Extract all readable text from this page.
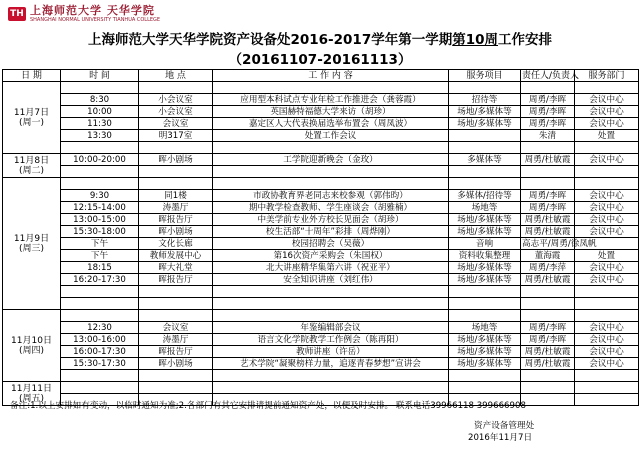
TH 上海师范大学 天华学院
SHANGHAI NORMAL UNIVERSITY TIANHUA COLLEGE
上海师范大学天华学院资产设备处2016-2017学年第一学期第10周工作安排
（20161107-20161113）
日 期	时 间	地 点	工 作 内 容	服务项目	责任人/负责人	服务部门

11月7日
(周一)						

	8:30	小会议室	应用型本科试点专业年检工作推进会（龚蓉霞）	招待等	周勇/李晖	会议中心
	10:00	小会议室	英国赫特福德大学来访（胡珍）	场地/多媒体等	周勇/李晖	会议中心
	11:30	会议室	嘉定区人大代表换届选举布置会（周凤波）	场地/多媒体等	周勇/李晖	会议中心
	13:30	明317室	处置工作会议		朱清	处置

11月8日
(周二)	10:00-20:00	晖小剧场	工学院迎新晚会（金玫）	多媒体等	周勇/杜敏霞	会议中心

11月9日
(周三)						

	9:30	同1楼	市政协教育界老同志来校参观（郭伟昀）	多媒体/招待等	周勇/李晖	会议中心
	12:15-14:00	涛墨厅	期中教学检查教师、学生座谈会（胡雅楠）	场地等	周勇/李晖	会议中心
	13:00-15:00	晖报告厅	中美学前专业外方校长见面会（胡珍）	场地/多媒体等	周勇/杜敏霞	会议中心
	15:30-18:00	晖小剧场	校生活部“十周年”彩排（周烨刚）	场地/多媒体等	周勇/杜敏霞	会议中心
	下午	文化长廊	校园招聘会（吴薇）	音响	高志平/周勇/徐凤帆	
	下午	教师发展中心	第16次资产采购会（朱国权）	资料收集整理	董海霞	处置
	18:15	晖大礼堂	北大讲座精华集第六讲（祝亚平）	场地/多媒体等	周勇/李萍	会议中心
	16:20-17:30	晖报告厅	安全知识讲座（刘红伟）	场地/多媒体等	周勇/杜敏霞	会议中心

11月10日
(周四)						

	12:30	会议室	年鉴编辑部会议	场地等	周勇/李晖	会议中心
	13:00-16:00	涛墨厅	语言文化学院教学工作例会（陈再阳）	场地/多媒体等	周勇/李晖	会议中心
	16:00-17:30	晖报告厅	教师讲座（许岳）	场地/多媒体等	周勇/杜敏霞	会议中心
	15:30-17:30	晖小剧场	艺术学院“凝聚榜样力量，追逐青春梦想”宣讲会	场地/多媒体等	周勇/杜敏霞	会议中心

11月11日
(周五)						

备注:1.以上安排如有变动，以临时通知为准;2.各部门有其它安排请提前通知资产处，以便及时安排。 联系电话39966118 399666908
资产设备管理处
2016年11月7日
